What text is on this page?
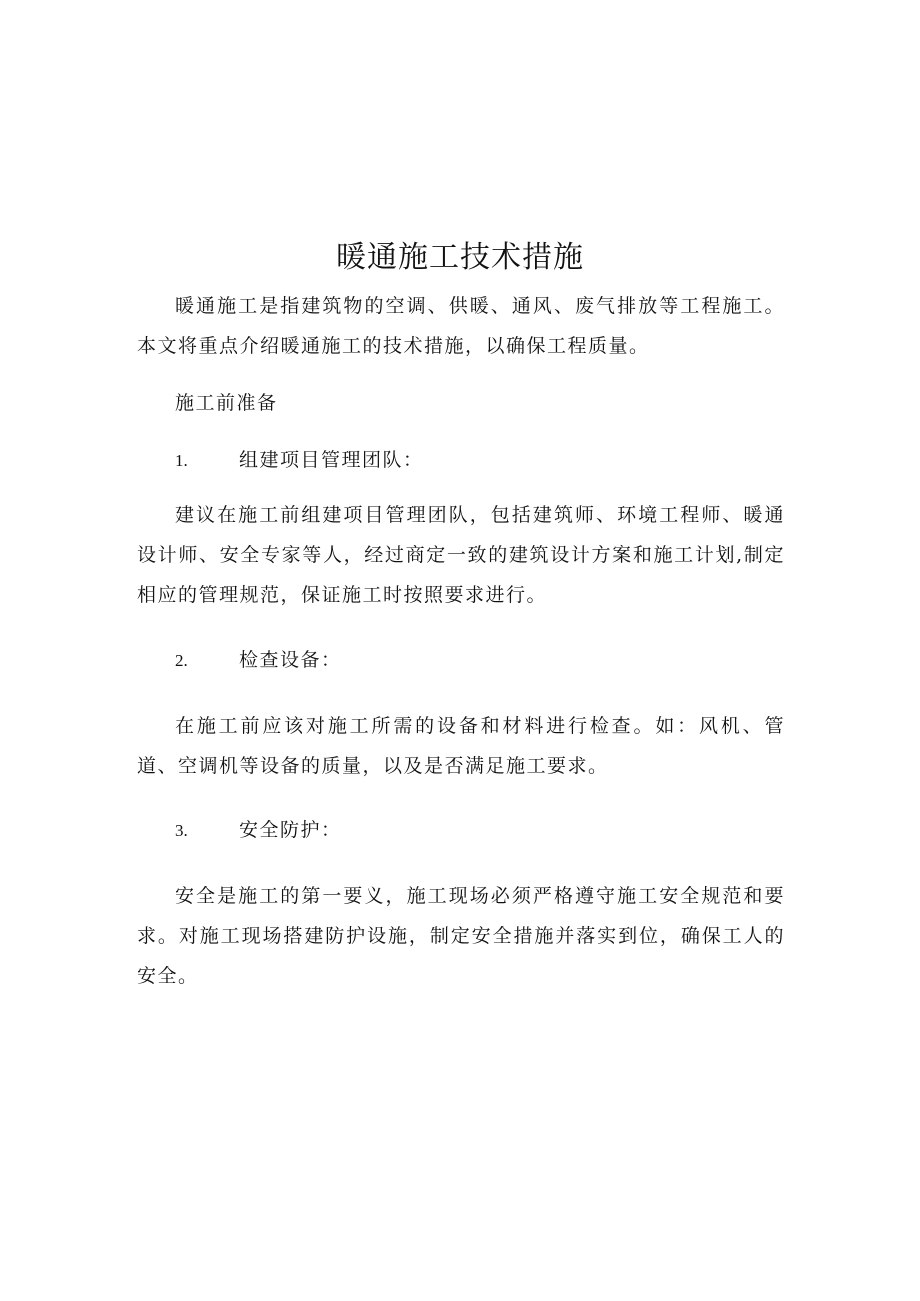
暖通施工技术措施
暖通施工是指建筑物的空调、供暖、通风、废气排放等工程施工。本文将重点介绍暖通施工的技术措施，以确保工程质量。
施工前准备
1.	组建项目管理团队：
建议在施工前组建项目管理团队，包括建筑师、环境工程师、暖通设计师、安全专家等人，经过商定一致的建筑设计方案和施工计划,制定相应的管理规范，保证施工时按照要求进行。
2.	检查设备：
在施工前应该对施工所需的设备和材料进行检查。如：风机、管道、空调机等设备的质量，以及是否满足施工要求。
3.	安全防护：
安全是施工的第一要义，施工现场必须严格遵守施工安全规范和要求。对施工现场搭建防护设施，制定安全措施并落实到位，确保工人的安全。
